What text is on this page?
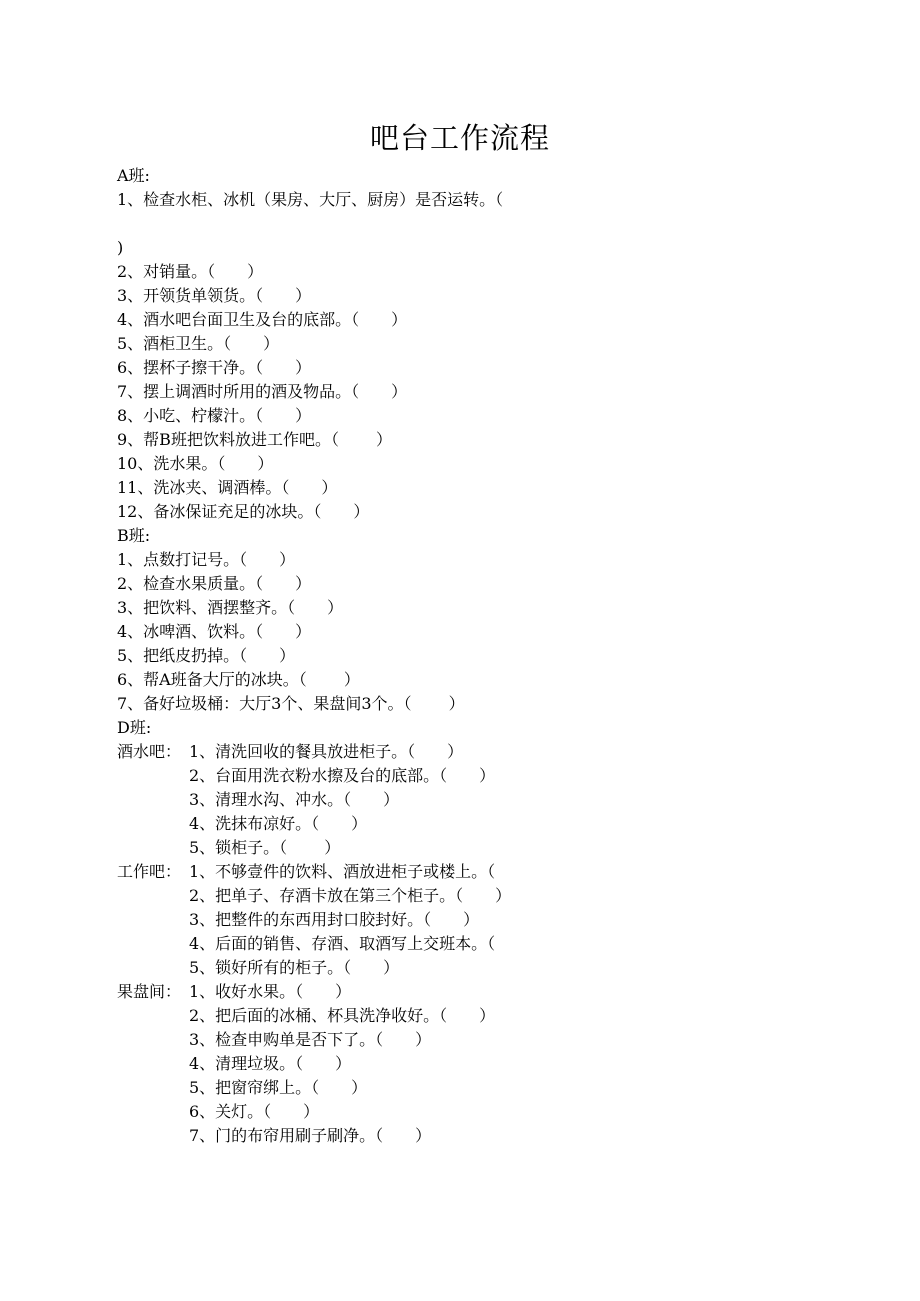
吧台工作流程
A班:
1、检查水柜、冰机（果房、大厅、厨房）是否运转。（
)
2、对销量。（　　）
3、开领货单领货。（　　）
4、酒水吧台面卫生及台的底部。（　　）
5、酒柜卫生。（　　）
6、摆杯子擦干净。（　　）
7、摆上调酒时所用的酒及物品。（　　）
8、小吃、柠檬汁。（　　）
9、帮B班把饮料放进工作吧。（　　 ）
10、洗水果。（　　）
11、洗冰夹、调酒棒。（　　）
12、备冰保证充足的冰块。（　　）
B班:
1、点数打记号。（　　）
2、检查水果质量。（　　）
3、把饮料、酒摆整齐。（　　）
4、冰啤酒、饮料。（　　）
5、把纸皮扔掉。（　　）
6、帮A班备大厅的冰块。（　　 ）
7、备好垃圾桶：大厅3个、果盘间3个。（　　 ）
D班:
酒水吧： 1、清洗回收的餐具放进柜子。（　　）
2、台面用洗衣粉水擦及台的底部。（　　）
3、清理水沟、冲水。（　　）
4、洗抹布凉好。（　　）
5、锁柜子。（　　 ）
工作吧： 1、不够壹件的饮料、酒放进柜子或楼上。（
2、把单子、存酒卡放在第三个柜子。（　　）
3、把整件的东西用封口胶封好。（　　）
4、后面的销售、存酒、取酒写上交班本。（
5、锁好所有的柜子。（　　）
果盘间： 1、收好水果。（　　）
2、把后面的冰桶、杯具洗净收好。（　　）
3、检查申购单是否下了。（　　）
4、清理垃圾。（　　）
5、把窗帘绑上。（　　）
6、关灯。（　　）
7、门的布帘用刷子刷净。（　　）
